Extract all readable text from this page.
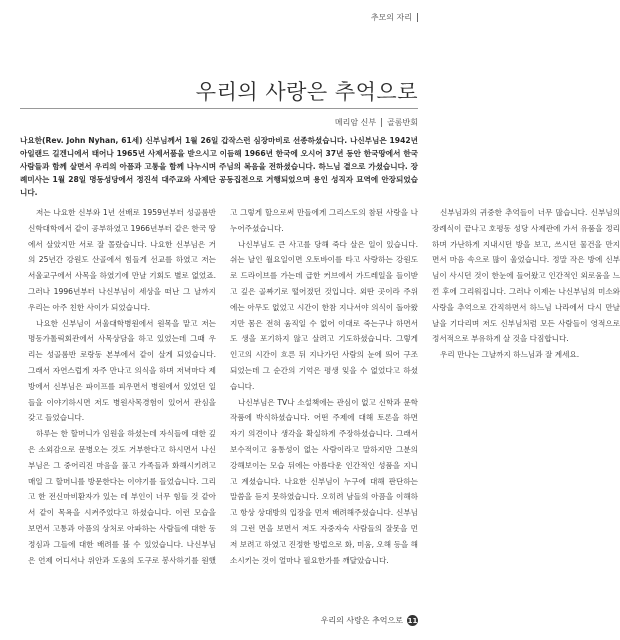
추모의 자리
우리의 사랑은 추억으로
메리암 신부 골롬반회

나요한(Rev. John Nyhan, 61세) 신부님께서 1월 26일 갑작스런 심장마비로 선종하셨습니다. 나신부님은 1942년 아일랜드 길겐니에서 태어나 1965년 사제서품을 받으시고 이듬해 1966년 한국에 오시어 37년 동안 한국땅에서 한국사람들과 함께 살면서 우리의 아픔과 고통을 함께 나누시며 주님의 복음을 전하셨습니다. 하느님 곁으로 가셨습니다. 장례미사는 1월 28일 명동성당에서 정진석 대주교와 사제단 공동집전으로 거행되었으며 용인 성직자 묘역에 안장되었습니다.

저는 나요한 신부와 1년 선배로 1959년부터 성골롬반 신학대학에서 같이 공부하였고 1966년부터 같은 한국 땅에서 살았지만 서로 잘 몰랐습니다. 나요한 신부님은 거의 25년간 강원도 산골에서 힘들게 선교를 하였고 저는 서울교구에서 사목을 하였기에 만날 기회도 별로 없었죠. 그러나 1996년부터 나신부님이 세상을 떠난 그 날까지 우리는 아주 친한 사이가 되었습니다.

나요한 신부님이 서울대학병원에서 원목을 맡고 저는 명동가톨릭회관에서 사목상담을 하고 있었는데 그때 우리는 성골롬반 로랑동 본부에서 같이 살게 되었습니다. 그래서 자연스럽게 자주 만나고 의식을 하며 저녁마다 제 방에서 신부님은 파이프를 피우면서 병원에서 있었던 일들을 이야기하시면 저도 병원사목경험이 있어서 관심을 갖고 들었습니다.

하루는 한 할머니가 임원을 하셨는데 자식들에 대한 깊은 소외감으로 문병오는 것도 거부한다고 하시면서 나신부님은 그 중어리진 마음을 풀고 가족들과 화해시키려고 매일 그 할머니를 방문한다는 이야기를 들었습니다. 그리고 한 전신마비환자가 있는 데 부인이 너무 힘들 것 같아서 같이 목욕을 시켜주었다고 하셨습니다. 이런 모습을 보면서 고통과 아픔의 상처로 아파하는 사람들에 대한 동정심과 그들에 대한 배려를 볼 수 있었습니다. 나신부님은 언제 어디서나 위안과 도움의 도구로 봉사하기를 원했고 그렇게 할으로써 만들에게 그리스도의 참된 사랑을 나누어주셨습니다.

나신부님도 큰 사고를 당해 죽다 살은 일이 있습니다. 쉬는 날인 월요일이면 오토바이를 타고 사랑하는 강원도로 드라이브를 가는데 급한 커브에서 가드레일을 들이받고 깊은 골짜기로 떨어졌던 것입니다. 외딴 곳이라 주위에는 아무도 없었고 시간이 한참 지나서야 의식이 돌아왔지만 몸은 전혀 움직일 수 없어 이대로 죽는구나 하면서도 생을 포기하지 않고 살려고 기도하셨습니다. 그렇게 인고의 시간이 흐른 뒤 지나가던 사람의 눈에 띄어 구조되었는데 그 순간의 기억은 평생 잊을 수 없었다고 하셨습니다.

나신부님은 TV나 소설책에는 관심이 없고 신학과 문학 작품에 박식하셨습니다. 어떤 주제에 대해 토론을 하면 자기 의견이나 생각을 확실하게 주장하셨습니다. 그래서 보수적이고 융통성이 없는 사람이라고 말하지만 그분의 강해보이는 모습 뒤에는 아름다운 인간적인 성품을 지니고 계셨습니다. 나요한 신부님이 누구에 대해 판단하는 말씀을 듣지 못하였습니다. 오히려 남들의 아픔을 이해하고 항상 상대방의 입장을 먼저 배려해주셨습니다. 신부님의 그런 면을 보면서 저도 자중자숙 사람들의 잘못을 먼저 보려고 하였고 진정한 방법으로 화, 미움, 오해 등을 해소시키는 것이 얼마나 필요한가를 깨달았습니다.

신부님과의 귀중한 추억들이 너무 많습니다. 신부님의 장례식이 끝나고 호평동 성당 사제관에 가서 유품을 정리하며 가난하게 지내시던 방을 보고, 쓰시던 물건을 만지면서 마음 속으로 많이 울었습니다. 정말 작은 방에 신부님이 사시던 것이 한눈에 들어왔고 인간적인 외로움을 느낀 후에 그리워집니다. 그러나 이제는 나신부님의 미소와 사랑을 추억으로 간직하면서 하느님 나라에서 다시 만날 날을 기다리며 저도 신부님처럼 모든 사람들이 영적으로 정서적으로 부유하게 살 것을 다짐합니다.

우리 만나는 그날까지 하느님과 잘 계세요.

우리의 사랑은 추억으로 11
